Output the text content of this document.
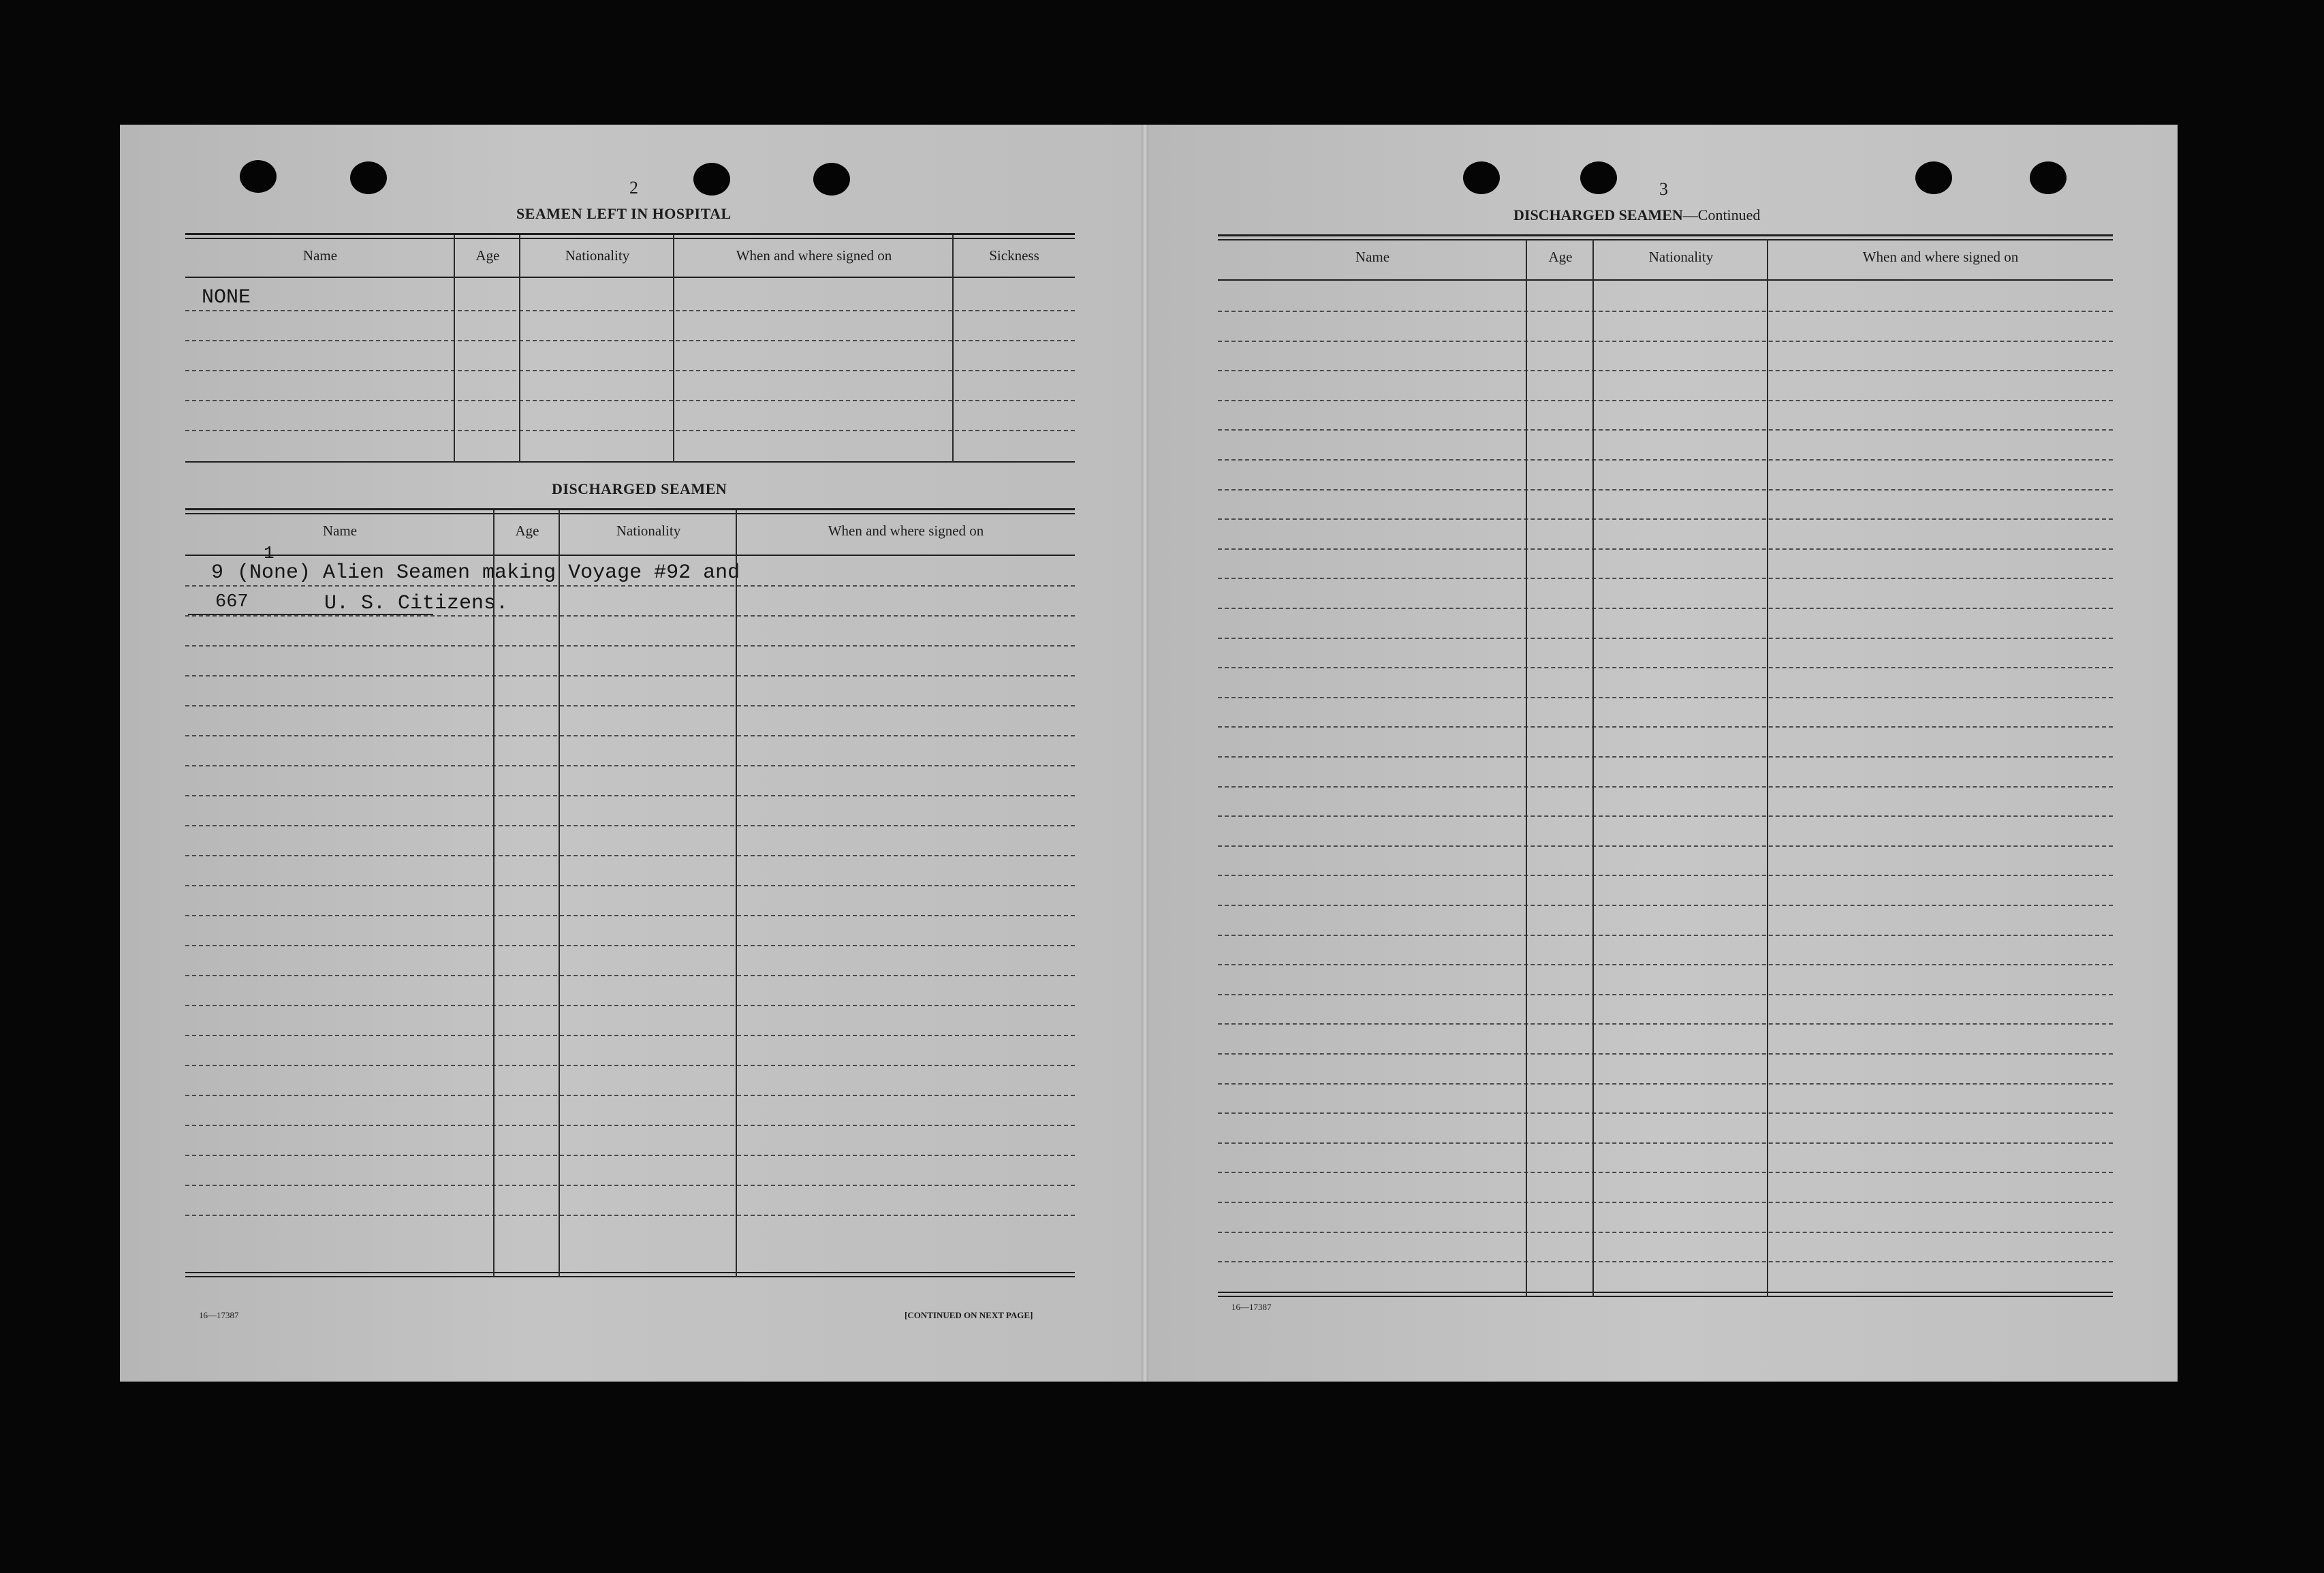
2
SEAMEN LEFT IN HOSPITAL
Name	Age	Nationality	When and where signed on	Sickness
NONE
DISCHARGED SEAMEN
Name	Age	Nationality	When and where signed on
1
9 (None) Alien Seamen making Voyage #92 and
667	U. S. Citizens.
16—17387	[CONTINUED ON NEXT PAGE]
3
DISCHARGED SEAMEN—Continued
Name	Age	Nationality	When and where signed on
16—17387
